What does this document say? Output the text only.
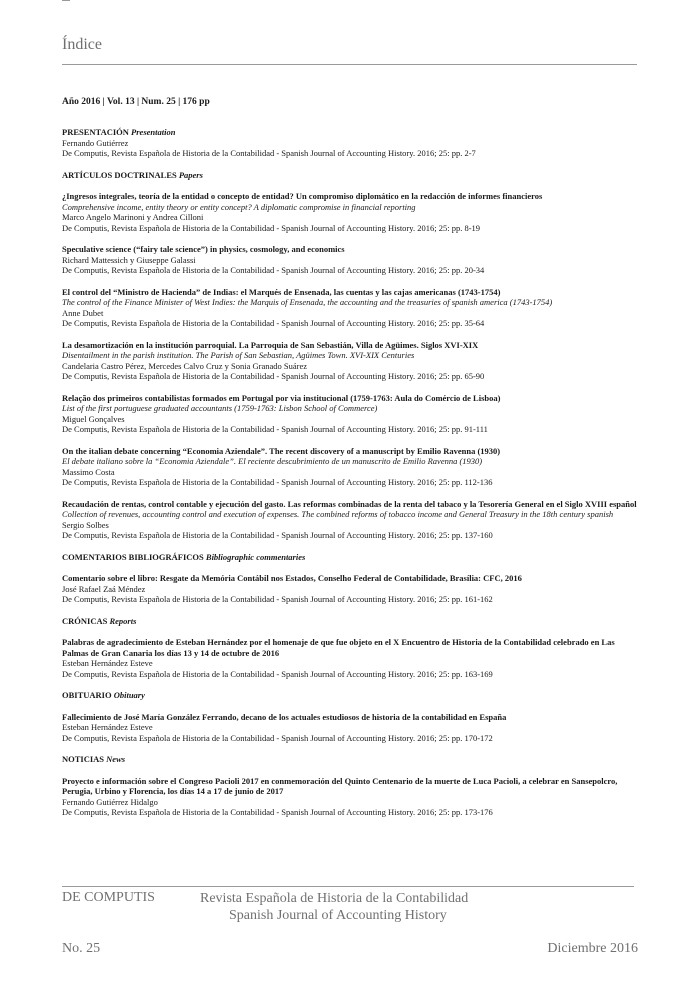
Índice
Año 2016 | Vol. 13 | Num. 25 | 176 pp
PRESENTACIÓN Presentation
Fernando Gutiérrez
De Computis, Revista Española de Historia de la Contabilidad - Spanish Journal of Accounting History. 2016; 25: pp. 2-7
ARTÍCULOS DOCTRINALES Papers
¿Ingresos integrales, teoría de la entidad o concepto de entidad? Un compromiso diplomático en la redacción de informes financieros
Comprehensive income, entity theory or entity concept? A diplomatic compromise in financial reporting
Marco Angelo Marinoni y Andrea Cilloni
De Computis, Revista Española de Historia de la Contabilidad - Spanish Journal of Accounting History. 2016; 25: pp. 8-19
Speculative science (“fairy tale science”) in physics, cosmology, and economics
Richard Mattessich y Giuseppe Galassi
De Computis, Revista Española de Historia de la Contabilidad - Spanish Journal of Accounting History. 2016; 25: pp. 20-34
El control del “Ministro de Hacienda” de Indias: el Marqués de Ensenada, las cuentas y las cajas americanas (1743-1754)
The control of the Finance Minister of West Indies: the Marquis of Ensenada, the accounting and the treasuries of spanish america (1743-1754)
Anne Dubet
De Computis, Revista Española de Historia de la Contabilidad - Spanish Journal of Accounting History. 2016; 25: pp. 35-64
La desamortización en la institución parroquial. La Parroquia de San Sebastián, Villa de Agüimes. Siglos XVI-XIX
Disentailment in the parish institution. The Parish of San Sebastian, Agüimes Town. XVI-XIX Centuries
Candelaria Castro Pérez, Mercedes Calvo Cruz y Sonia Granado Suárez
De Computis, Revista Española de Historia de la Contabilidad - Spanish Journal of Accounting History. 2016; 25: pp. 65-90
Relação dos primeiros contabilistas formados em Portugal por via institucional (1759-1763: Aula do Comércio de Lisboa)
List of the first portuguese graduated accountants (1759-1763: Lisbon School of Commerce)
Miguel Gonçalves
De Computis, Revista Española de Historia de la Contabilidad - Spanish Journal of Accounting History. 2016; 25: pp. 91-111
On the italian debate concerning “Economia Aziendale”. The recent discovery of a manuscript by Emilio Ravenna (1930)
El debate italiano sobre la “Economia Aziendale”. El reciente descubrimiento de un manuscrito de Emilio Ravenna (1930)
Massimo Costa
De Computis, Revista Española de Historia de la Contabilidad - Spanish Journal of Accounting History. 2016; 25: pp. 112-136
Recaudación de rentas, control contable y ejecución del gasto. Las reformas combinadas de la renta del tabaco y la Tesorería General en el Siglo XVIII español
Collection of revenues, accounting control and execution of expenses. The combined reforms of tobacco income and General Treasury in the 18th century spanish
Sergio Solbes
De Computis, Revista Española de Historia de la Contabilidad - Spanish Journal of Accounting History. 2016; 25: pp. 137-160
COMENTARIOS BIBLIOGRÁFICOS Bibliographic commentaries
Comentario sobre el libro: Resgate da Memória Contábil nos Estados, Conselho Federal de Contabilidade, Brasília: CFC, 2016
José Rafael Zaá Méndez
De Computis, Revista Española de Historia de la Contabilidad - Spanish Journal of Accounting History. 2016; 25: pp. 161-162
CRÓNICAS Reports
Palabras de agradecimiento de Esteban Hernández por el homenaje de que fue objeto en el X Encuentro de Historia de la Contabilidad celebrado en Las Palmas de Gran Canaria los días 13 y 14 de octubre de 2016
Esteban Hernández Esteve
De Computis, Revista Española de Historia de la Contabilidad - Spanish Journal of Accounting History. 2016; 25: pp. 163-169
OBITUARIO Obituary
Fallecimiento de José María González Ferrando, decano de los actuales estudiosos de historia de la contabilidad en España
Esteban Hernández Esteve
De Computis, Revista Española de Historia de la Contabilidad - Spanish Journal of Accounting History. 2016; 25: pp. 170-172
NOTICIAS News
Proyecto e información sobre el Congreso Pacioli 2017 en conmemoración del Quinto Centenario de la muerte de Luca Pacioli, a celebrar en Sansepolcro, Perugia, Urbino y Florencia, los días 14 a 17 de junio de 2017
Fernando Gutiérrez Hidalgo
De Computis, Revista Española de Historia de la Contabilidad - Spanish Journal of Accounting History. 2016; 25: pp. 173-176
DE COMPUTIS	Revista Española de Historia de la Contabilidad
Spanish Journal of Accounting History
No. 25	Diciembre 2016
